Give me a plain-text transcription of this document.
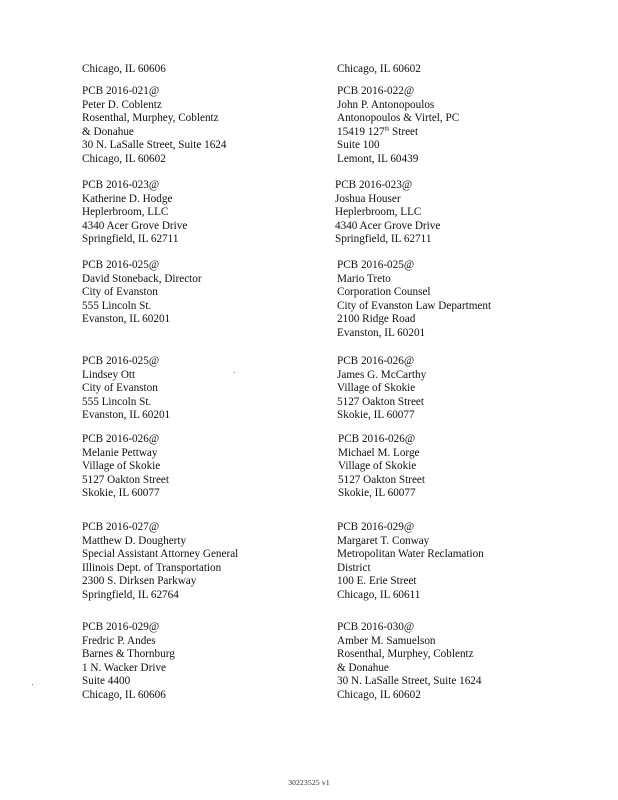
Chicago, IL 60606	Chicago, IL 60602
PCB 2016-021@
Peter D. Coblentz
Rosenthal, Murphey, Coblentz
& Donahue
30 N. LaSalle Street, Suite 1624
Chicago, IL 60602
PCB 2016-022@
John P. Antonopoulos
Antonopoulos & Virtel, PC
15419 127th Street
Suite 100
Lemont, IL 60439
PCB 2016-023@
Katherine D. Hodge
Heplerbroom, LLC
4340 Acer Grove Drive
Springfield, IL 62711
PCB 2016-023@
Joshua Houser
Heplerbroom, LLC
4340 Acer Grove Drive
Springfield, IL 62711
PCB 2016-025@
David Stoneback, Director
City of Evanston
555 Lincoln St.
Evanston, IL 60201
PCB 2016-025@
Mario Treto
Corporation Counsel
City of Evanston Law Department
2100 Ridge Road
Evanston, IL 60201
PCB 2016-025@
Lindsey Ott
City of Evanston
555 Lincoln St.
Evanston, IL 60201
PCB 2016-026@
James G. McCarthy
Village of Skokie
5127 Oakton Street
Skokie, IL 60077
PCB 2016-026@
Melanie Pettway
Village of Skokie
5127 Oakton Street
Skokie, IL 60077
PCB 2016-026@
Michael M. Lorge
Village of Skokie
5127 Oakton Street
Skokie, IL 60077
PCB 2016-027@
Matthew D. Dougherty
Special Assistant Attorney General
Illinois Dept. of Transportation
2300 S. Dirksen Parkway
Springfield, IL 62764
PCB 2016-029@
Margaret T. Conway
Metropolitan Water Reclamation
District
100 E. Erie Street
Chicago, IL 60611
PCB 2016-029@
Fredric P. Andes
Barnes & Thornburg
1 N. Wacker Drive
Suite 4400
Chicago, IL 60606
PCB 2016-030@
Amber M. Samuelson
Rosenthal, Murphey, Coblentz
& Donahue
30 N. LaSalle Street, Suite 1624
Chicago, IL 60602
30223525 v1
